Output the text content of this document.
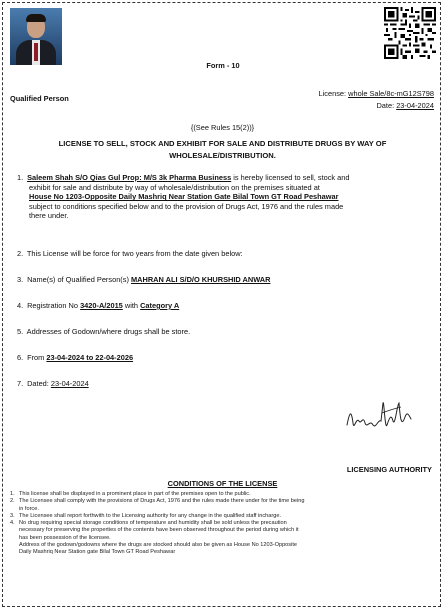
Form - 10
Qualified Person
License: whole Sale/8c-mG12S798
Date: 23-04-2024
{(See Rules 15(2))}
LICENSE TO SELL, STOCK AND EXHIBIT FOR SALE AND DISTRIBUTE DRUGS BY WAY OF
WHOLESALE/DISTRIBUTION.
1. Saleem Shah S/O Qias Gul Prop: M/S 3k Pharma Business is hereby licensed to sell, stock and
exhibit for sale and distribute by way of wholesale/distribution on the premises situated at
House No 1203-Opposite Daily Mashriq Near Station Gate Bilal Town GT Road Peshawar
subject to conditions specified below and to the provision of Drugs Act, 1976 and the rules made
there under.
2. This License will be force for two years from the date given below:
3. Name(s) of Qualified Person(s) MAHRAN ALI S/D/O KHURSHID ANWAR
4. Registration No 3420-A/2015 with Category A
5. Addresses of Godown/where drugs shall be store.
6. From 23-04-2024 to 22-04-2026
7. Dated: 23-04-2024
LICENSING AUTHORITY
CONDITIONS OF THE LICENSE
1. This license shall be displayed in a prominent place in part of the premises open to the public.
2. The Licensee shall comply with the provisions of Drugs Act, 1976 and the rules made there under for the time being
in force.
3. The Licensee shall report forthwith to the Licensing authority for any change in the qualified staff incharge.
4. No drug requiring special storage conditions of temperature and humidity shall be sold unless the precaution
necessary for preserving the properties of the contents have been observed throughout the period during which it
has been possession of the licensee.
Address of the godown/godowns where the drugs are stocked should also be given as House No 1203-Opposite
Daily Mashriq Near Station gate Bilal Town GT Road Peshawar
